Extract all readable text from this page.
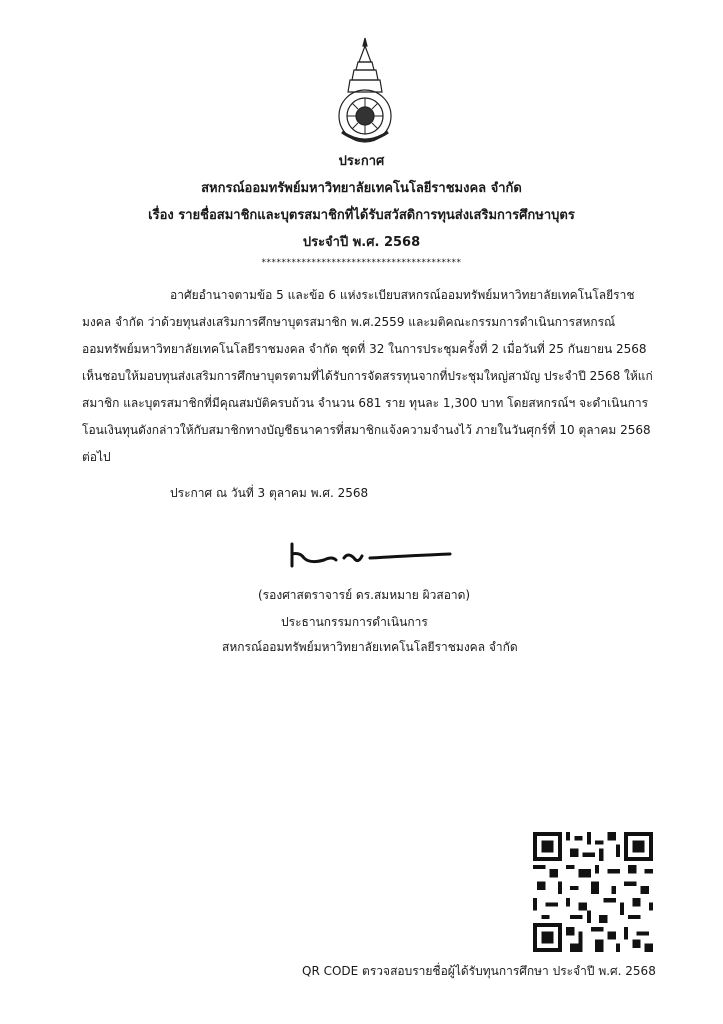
ประกาศ
สหกรณ์ออมทรัพย์มหาวิทยาลัยเทคโนโลยีราชมงคล จำกัด
เรื่อง รายชื่อสมาชิกและบุตรสมาชิกที่ได้รับสวัสดิการทุนส่งเสริมการศึกษาบุตร
ประจำปี พ.ศ. 2568
****************************************
อาศัยอำนาจตามข้อ 5 และข้อ 6 แห่งระเบียบสหกรณ์ออมทรัพย์มหาวิทยาลัยเทคโนโลยีราช
มงคล จำกัด ว่าด้วยทุนส่งเสริมการศึกษาบุตรสมาชิก พ.ศ.2559 และมติคณะกรรมการดำเนินการสหกรณ์
ออมทรัพย์มหาวิทยาลัยเทคโนโลยีราชมงคล จำกัด ชุดที่ 32 ในการประชุมครั้งที่ 2 เมื่อวันที่ 25 กันยายน 2568
เห็นชอบให้มอบทุนส่งเสริมการศึกษาบุตรตามที่ได้รับการจัดสรรทุนจากที่ประชุมใหญ่สามัญ ประจำปี 2568 ให้แก่
สมาชิก และบุตรสมาชิกที่มีคุณสมบัติครบถ้วน จำนวน 681 ราย ทุนละ 1,300 บาท โดยสหกรณ์ฯ จะดำเนินการ
โอนเงินทุนดังกล่าวให้กับสมาชิกทางบัญชีธนาคารที่สมาชิกแจ้งความจำนงไว้ ภายในวันศุกร์ที่ 10 ตุลาคม 2568
ต่อไป
ประกาศ ณ วันที่ 3 ตุลาคม พ.ศ. 2568
(รองศาสตราจารย์ ดร.สมหมาย ผิวสอาด)
ประธานกรรมการดำเนินการ
สหกรณ์ออมทรัพย์มหาวิทยาลัยเทคโนโลยีราชมงคล จำกัด
QR CODE ตรวจสอบรายชื่อผู้ได้รับทุนการศึกษา ประจำปี พ.ศ. 2568
